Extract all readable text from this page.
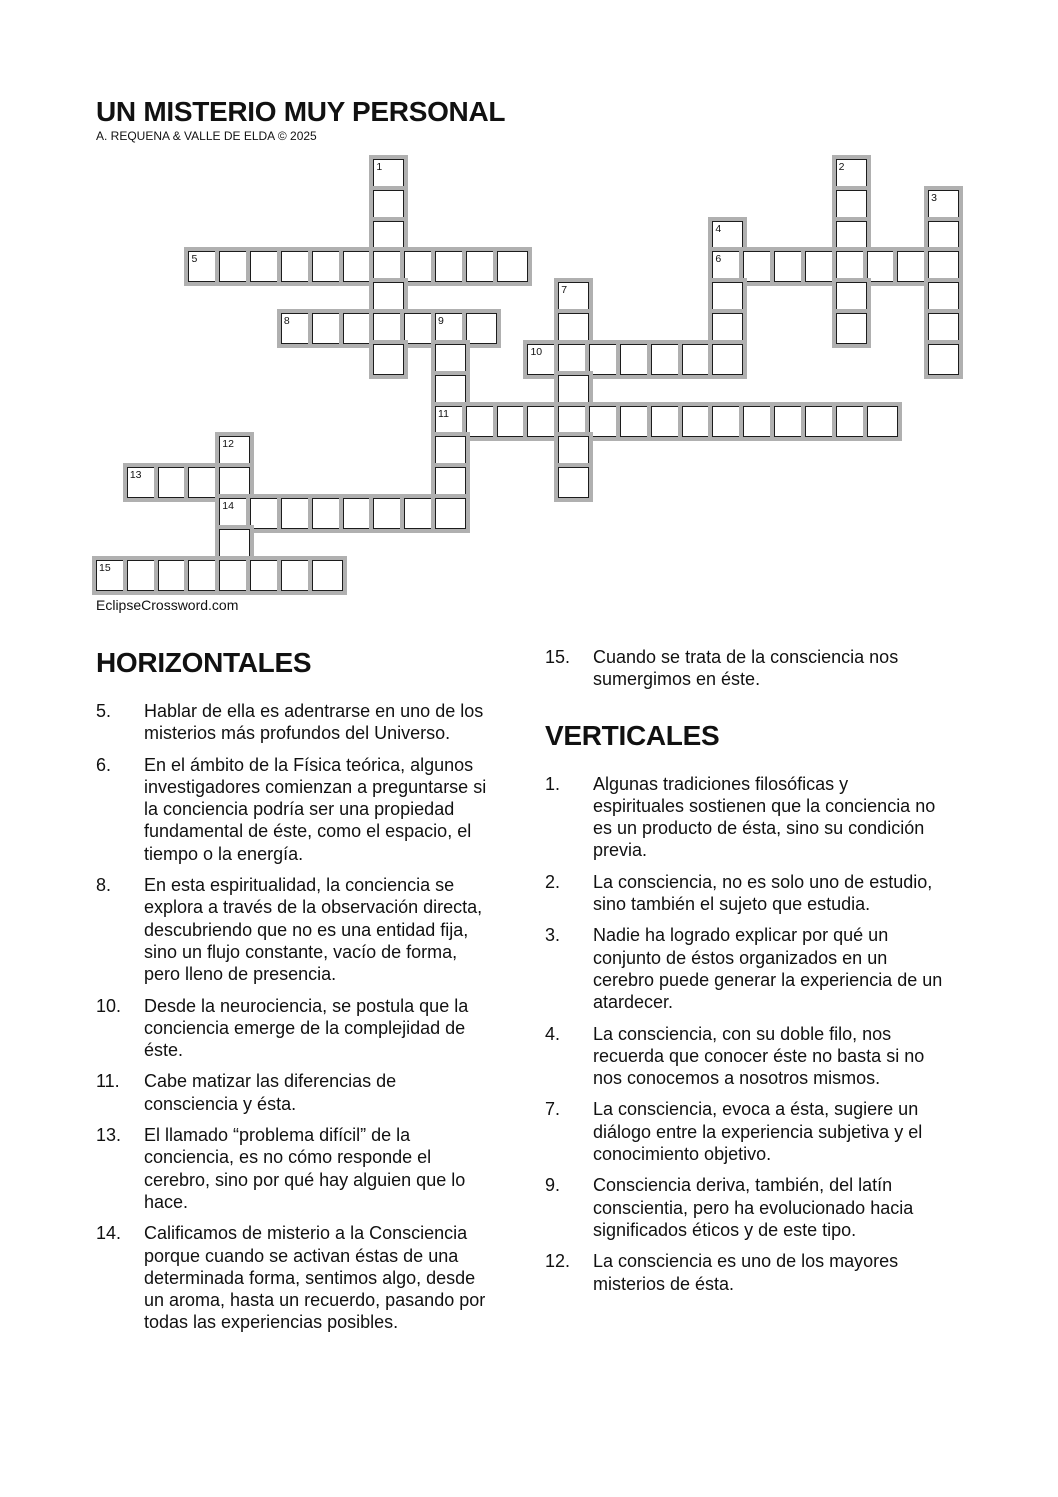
UN MISTERIO MUY PERSONAL
A. REQUENA & VALLE DE ELDA © 2025
1	2
3
4
5	6
7
8	9
10
11
12
13
14
15
EclipseCrossword.com
HORIZONTALES
5.	Hablar de ella es adentrarse en uno de los misterios más profundos del Universo.
6.	En el ámbito de la Física teórica, algunos investigadores comienzan a preguntarse si la conciencia podría ser una propiedad fundamental de éste, como el espacio, el tiempo o la energía.
8.	En esta espiritualidad, la conciencia se explora a través de la observación directa, descubriendo que no es una entidad fija, sino un flujo constante, vacío de forma, pero lleno de presencia.
10.	Desde la neurociencia, se postula que la conciencia emerge de la complejidad de éste.
11.	Cabe matizar las diferencias de consciencia y ésta.
13.	El llamado “problema difícil” de la conciencia, es no cómo responde el cerebro, sino por qué hay alguien que lo hace.
14.	Calificamos de misterio a la Consciencia porque cuando se activan éstas de una determinada forma, sentimos algo, desde un aroma, hasta un recuerdo, pasando por todas las experiencias posibles.
15.	Cuando se trata de la consciencia nos sumergimos en éste.
VERTICALES
1.	Algunas tradiciones filosóficas y espirituales sostienen que la conciencia no es un producto de ésta, sino su condición previa.
2.	La consciencia, no es solo uno de estudio, sino también el sujeto que estudia.
3.	Nadie ha logrado explicar por qué un conjunto de éstos organizados en un cerebro puede generar la experiencia de un atardecer.
4.	La consciencia, con su doble filo, nos recuerda que conocer éste no basta si no nos conocemos a nosotros mismos.
7.	La consciencia, evoca a ésta, sugiere un diálogo entre la experiencia subjetiva y el conocimiento objetivo.
9.	Consciencia deriva, también, del latín conscientia, pero ha evolucionado hacia significados éticos y de este tipo.
12.	La consciencia es uno de los mayores misterios de ésta.
